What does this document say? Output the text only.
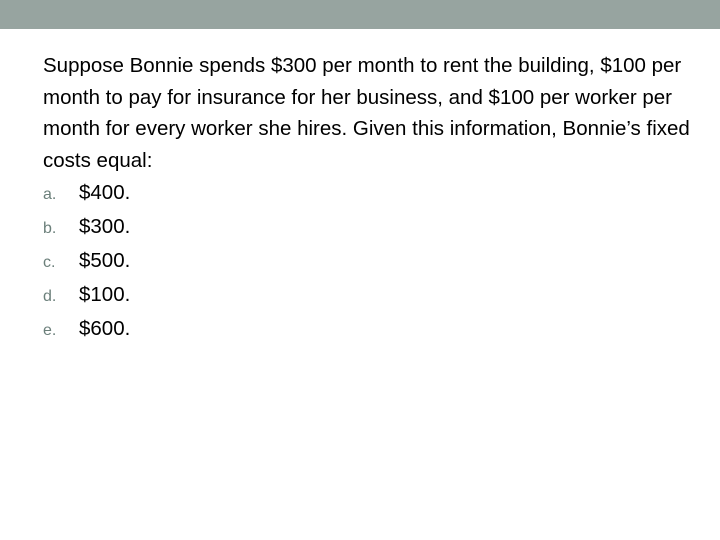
Suppose Bonnie spends $300 per month to rent the building, $100 per month to pay for insurance for her business, and $100 per worker per month for every worker she hires. Given this information, Bonnie’s fixed costs equal:

a.	$400.
b.	$300.
c.	$500.
d.	$100.
e.	$600.
